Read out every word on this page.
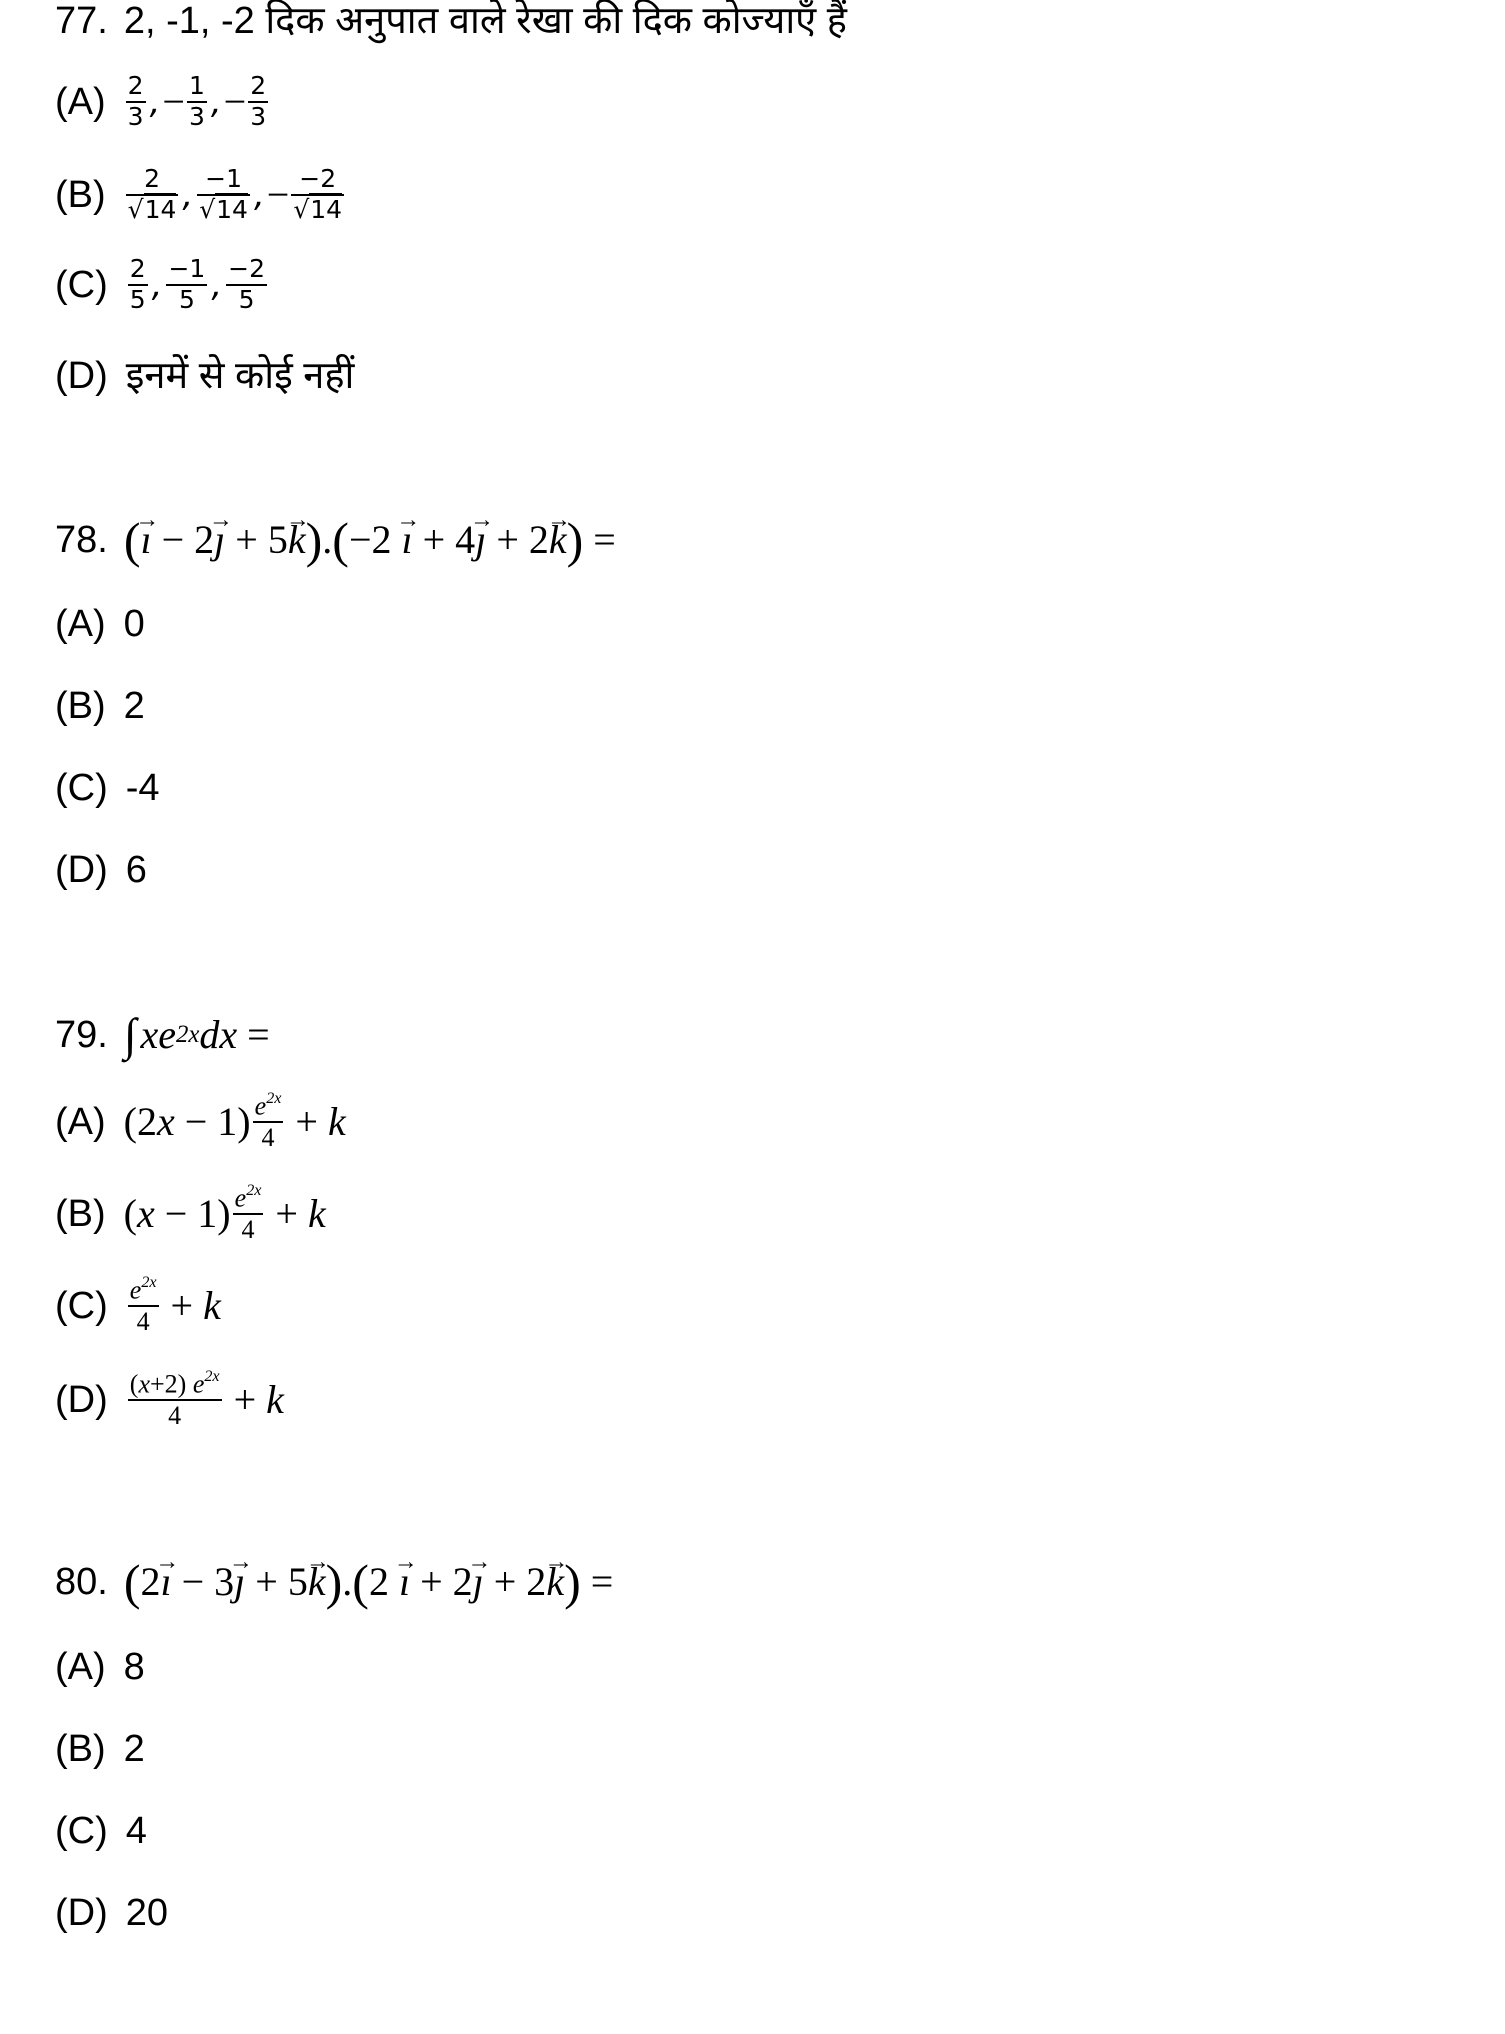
77. 2, -1, -2 दिक अनुपात वाले रेखा की दिक कोज्याएँ हैं
$(A) \frac{2}{3}$ , − $\frac{1}{3}$ , − $\frac{2}{3}$
$(B) \frac{2}{√14}$ , $\frac{-1}{√14}$ , − $\frac{-2}{√14}$
$(C) \frac{2}{5}$ , $\frac{-1}{5}$ , $\frac{-2}{5}$
(D) इनमें से कोई नहीं
78. ( → ı − 2 → ȷ + 5 → k ) . ( −2 → ı + 4 → ȷ + 2 → k ) =
(A) 0
(B) 2
(C) -4
(D) 6
79. ∫ xe 2x dx =
(A) (2 $x - 1) \frac{e^{2x}}{4} + k$
(B) ( $x - 1) \frac{e^{2x}}{4} + k$
$(C) \frac{e^{2x}}{4} + k$
$(D) \frac{(x+2) e^{2x}}{4} + k$
80. ( 2 → ı − 3 → ȷ + 5 → k ) . ( 2 → ı + 2 → ȷ + 2 → k ) =
(A) 8
(B) 2
(C) 4
(D) 20
